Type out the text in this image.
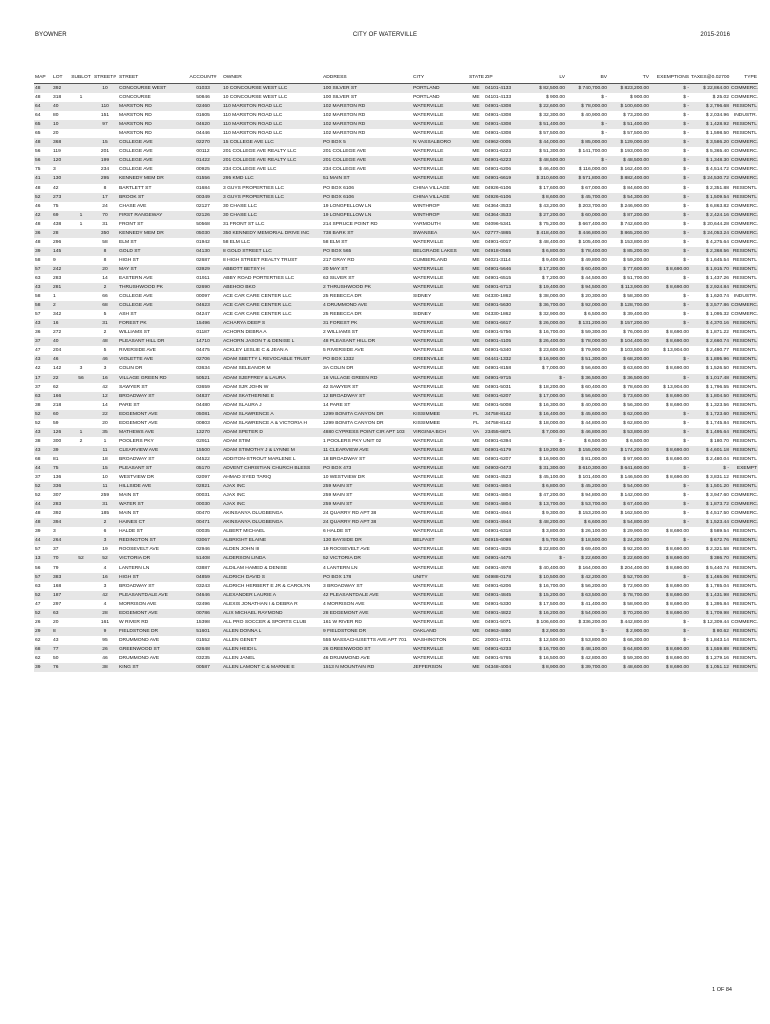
BYOWNER	CITY OF WATERVILLE	2015-2016
MAP	LOT	SUBLOT	STREET#	STREET	ACCOUNT#	OWNER	ADDRESS	CITY	STATE	ZIP	LV	BV	TV	EXEMPTIONS	TAXES@0.02700	TYPE
48	392		10	CONCOURSE WEST	01033	10 CONCOURSE WEST LLC	100 SILVER ST	PORTLAND	ME	04101-4133	$ 82,500.00	$ 740,700.00	$ 823,200.00	$ -	$ 22,864.00	COMMERC.
48	318	1		CONCOURSE	50846	10 CONCOURSE WEST LLC	100 SILVER ST	PORTLAND	ME	04101-4133	$ 900.00	$ -	$ 900.00	$ -	$ 25.02	COMMERC.
64	40		110	MARSTON RD	02460	110 MARSTON ROAD LLC	102 MARSTON RD	WATERVILLE	ME	04901-4308	$ 22,600.00	$ 78,000.00	$ 100,600.00	$ -	$ 2,796.68	RESIDNTL
64	80		151	MARSTON RD	01605	110 MARSTON ROAD LLC	102 MARSTON RD	WATERVILLE	ME	04901-4308	$ 32,300.00	$ 40,900.00	$ 73,200.00	$ -	$ 2,034.96	INDUSTR.
65	10		97	MARSTON RD	04620	110 MARSTON ROAD LLC	102 MARSTON RD	WATERVILLE	ME	04901-4308	$ 51,400.00	$ -	$ 51,400.00	$ -	$ 1,428.92	RESIDNTL
65	20			MARSTON RD	04446	110 MARSTON ROAD LLC	102 MARSTON RD	WATERVILLE	ME	04901-4308	$ 57,500.00	$ -	$ 57,500.00	$ -	$ 1,598.50	RESIDNTL
48	368		15	COLLEGE AVE	02270	15 COLLEGE AVE LLC	PO BOX 5	N VASSALBORO	ME	04962-0005	$ 44,000.00	$ 85,000.00	$ 129,000.00	$ -	$ 3,586.20	COMMERC.
56	119		201	COLLEGE AVE	00112	201 COLLEGE AVE REALTY LLC	201 COLLEGE AVE	WATERVILLE	ME	04901-6223	$ 51,300.00	$ 141,700.00	$ 193,000.00	$ -	$ 5,365.40	COMMERC.
56	120		199	COLLEGE AVE	01422	201 COLLEGE AVE REALTY LLC	201 COLLEGE AVE	WATERVILLE	ME	04901-6223	$ 48,500.00	$ -	$ 48,500.00	$ -	$ 1,348.30	COMMERC.
75	3		234	COLLEGE AVE	00925	234 COLLEGE AVE LLC	234 COLLEGE AVE	WATERVILLE	ME	04901-6206	$ 46,400.00	$ 116,000.00	$ 162,400.00	$ -	$ 4,514.72	COMMERC.
41	130		295	KENNEDY MEM DR	01556	295 KMD LLC	51 MAIN ST	WATERVILLE	ME	04901-6619	$ 310,600.00	$ 571,800.00	$ 882,400.00	$ -	$ 24,530.72	COMMERC.
48	42		8	BARTLETT ST	01684	3 GUYS PROPERTIES LLC	PO BOX 6106	CHINA VILLAGE	ME	04926-6106	$ 17,600.00	$ 67,000.00	$ 84,600.00	$ -	$ 2,351.88	RESIDNTL
52	273		17	BROOK ST	00349	3 GUYS PROPERTIES LLC	PO BOX 6106	CHINA VILLAGE	ME	04926-6106	$ 8,600.00	$ 45,700.00	$ 54,300.00	$ -	$ 1,509.54	RESIDNTL
46	75		24	CHASE AVE	02127	30 CHASE LLC	19 LONGFELLOW LN	WINTHROP	ME	04364-3533	$ 43,200.00	$ 203,700.00	$ 246,900.00	$ -	$ 6,863.82	COMMERC.
42	69	1	70	FIRST RANGEWAY	02126	30 CHASE LLC	19 LONGFELLOW LN	WINTHROP	ME	04364-3533	$ 27,200.00	$ 60,000.00	$ 87,200.00	$ -	$ 2,424.16	COMMERC.
48	438	1	31	FRONT ST	50568	31 FRONT ST LLC	214 SPRUCE POINT RD	YARMOUTH	ME	04096-5341	$ 75,200.00	$ 667,400.00	$ 742,600.00	$ -	$ 20,644.28	COMMERC.
36	28		350	KENNEDY MEM DR	05030	350 KENNEDY MEMORIAL DRIVE INC	738 BARK ST	SWANSEA	MA	02777-4865	$ 418,400.00	$ 446,800.00	$ 865,200.00	$ -	$ 24,053.24	COMMERC.
48	296		58	ELM ST	01942	58 ELM LLC	58 ELM ST	WATERVILLE	ME	04901-6017	$ 48,400.00	$ 105,400.00	$ 153,800.00	$ -	$ 4,275.64	COMMERC.
39	145		8	GOLD ST	04130	8 GOLD STREET LLC	PO BOX 565	BELGRADE LAKES	ME	04918-0565	$ 6,800.00	$ 78,400.00	$ 85,200.00	$ -	$ 2,368.56	RESIDNTL
58	9		8	HIGH ST	02687	8 HIGH STREET REALTY TRUST	217 GRAY RD	CUMBERLAND	ME	04021-3114	$ 9,400.00	$ 49,800.00	$ 59,200.00	$ -	$ 1,645.54	RESIDNTL
57	242		20	MAY ST	03929	ABBOTT BETSY H	20 MAY ST	WATERVILLE	ME	04901-5646	$ 17,200.00	$ 60,400.00	$ 77,600.00	$ 8,690.00	$ 1,915.70	RESIDNTL
63	283		14	EASTERN AVE	01911	ABBY ROAD PORTERTIES LLC	63 SILVER ST	WATERVILLE	ME	04901-6515	$ 7,200.00	$ 44,500.00	$ 51,700.00	$ -	$ 1,437.26	RESIDNTL
43	281		2	THRUSHWOOD PK	02690	ABEHOO BKO	2 THRUSHWOOD PK	WATERVILLE	ME	04901-6713	$ 19,400.00	$ 94,500.00	$ 113,900.00	$ 8,690.00	$ 2,924.84	RESIDNTL
58	1		66	COLLEGE AVE	00097	ACE CAR CARE CENTER LLC	25 REBECCA DR	SIDNEY	ME	04330-1862	$ 38,000.00	$ 20,300.00	$ 58,300.00	$ -	$ 1,620.74	INDUSTR.
58	2		68	COLLEGE AVE	04623	ACE CAR CARE CENTER LLC	4 DRUMMOND AVE	WATERVILLE	ME	04901-5630	$ 36,700.00	$ 92,000.00	$ 128,700.00	$ -	$ 3,577.86	COMMERC.
57	342		5	ASH ST	04247	ACE CAR CARE CENTER LLC	25 REBECCA DR	SIDNEY	ME	04330-1862	$ 32,900.00	$ 6,500.00	$ 39,400.00	$ -	$ 1,095.32	COMMERC.
43	16		31	FOREST PK	15496	ACHARYA DEEP S	31 FOREST PK	WATERVILLE	ME	04901-6617	$ 26,000.00	$ 131,200.00	$ 157,200.00	$ -	$ 4,370.16	RESIDNTL
36	272		2	WILLIAMS ST	01187	ACHORN DEBRA A	2 WILLIAMS ST	WATERVILLE	ME	04901-5756	$ 16,700.00	$ 59,300.00	$ 76,000.00	$ 8,690.00	$ 1,871.22	RESIDNTL
37	40		48	PLEASANT HILL DR	14710	ACHORN JASON T & DENISE L	48 PLEASANT HILL DR	WATERVILLE	ME	04901-4105	$ 26,400.00	$ 78,000.00	$ 104,400.00	$ 8,690.00	$ 2,660.74	RESIDNTL
47	204		5	RIVERSIDE AVE	04475	ACKLEY LESLIE C & JEAN A	5 RIVERSIDE AVE	WATERVILLE	ME	04901-5340	$ 23,600.00	$ 79,900.00	$ 103,500.00	$ 13,904.00	$ 2,490.77	RESIDNTL
43	46		46	VIOLETTE AVE	02706	ADAM SBETTY L REVOCABLE TRUST	PO BOX 1332	GREENVILLE	ME	04441-1332	$ 16,900.00	$ 51,300.00	$ 68,200.00	$ -	$ 1,895.96	RESIDNTL
42	142	3	3	COLIN DR	03634	ADAM SELEANOR M	3A COLIN DR	WATERVILLE	ME	04901-8158	$ 7,000.00	$ 56,600.00	$ 63,600.00	$ 8,690.00	$ 1,526.50	RESIDNTL
17	22	56	16	VILLAGE GREEN RD	50521	ADAM SJEFFREY & LAURA	16 VILLAGE GREEN RD	WATERVILLE	ME	04901-9715	$ -	$ 36,500.00	$ 36,500.00	$ -	$ 1,017.48	RESIDNTL
37	62		42	SAWYER ST	03659	ADAM SJR JOHN W	42 SAWYER ST	WATERVILLE	ME	04901-5031	$ 18,200.00	$ 60,400.00	$ 78,600.00	$ 13,904.00	$ 1,796.55	RESIDNTL
63	166		12	BROADWAY ST	04837	ADAM SKATHERINE E	12 BROADWAY ST	WATERVILLE	ME	04901-6207	$ 17,000.00	$ 56,600.00	$ 73,600.00	$ 8,690.00	$ 1,804.50	RESIDNTL
38	218		14	PARE ST	04480	ADAM SLAURA J	14 PARE ST	WATERVILLE	ME	04901-5008	$ 16,300.00	$ 40,000.00	$ 56,300.00	$ 8,690.00	$ 1,323.56	RESIDNTL
52	60		22	EDGEMONT AVE	05081	ADAM SLAWRENCE A	1299 BONITA CANYON DR	KISSIMMEE	FL	34758-8142	$ 16,400.00	$ 45,600.00	$ 62,000.00	$ -	$ 1,723.60	RESIDNTL
52	59		20	EDGEMONT AVE	00803	ADAM SLAWRENCE A & VICTORIA H	1299 BONITA CANYON DR	KISSIMMEE	FL	34758-8142	$ 18,000.00	$ 44,800.00	$ 62,800.00	$ -	$ 1,745.84	RESIDNTL
43	126	1	35	MATHEWS AVE	13270	ADAM SPETER D	4880 CYPRESS POINT CIR APT 103	VIRGINIA BCH	VA	23455-6871	$ 7,000.00	$ 46,800.00	$ 53,800.00	$ -	$ 1,495.64	RESIDNTL
38	300	2	1	POOLERS PKY	02911	ADAM STIM	1 POOLERS PKY UNIT 02	WATERVILLE	ME	04901-6394	$ -	$ 6,500.00	$ 6,500.00	$ -	$ 180.70	RESIDNTL
43	39		11	CLEARVIEW AVE	15500	ADAM STIMOTHY J & LYNNE M	11 CLEARVIEW AVE	WATERVILLE	ME	04901-6179	$ 19,200.00	$ 155,000.00	$ 174,200.00	$ 8,690.00	$ 4,601.18	RESIDNTL
68	81		18	BROADWAY ST	04522	ADDITON-STROUT MARLENE L	18 BROADWAY ST	WATERVILLE	ME	04901-6207	$ 16,900.00	$ 81,000.00	$ 97,900.00	$ 8,690.00	$ 2,480.04	RESIDNTL
44	75		15	PLEASANT ST	05170	ADVENT CHRISTIAN CHURCH BLESS	PO BOX 473	WATERVILLE	ME	04903-0473	$ 31,300.00	$ 610,300.00	$ 641,600.00	$ -	$ -	EXEMPT
37	136		10	WESTVIEW DR	02097	AHMAD SYED TARIQ	10 WESTVIEW DR	WATERVILLE	ME	04901-4523	$ 45,100.00	$ 101,400.00	$ 146,500.00	$ 8,690.00	$ 3,831.12	RESIDNTL
52	336		11	HILLSIDE AVE	02821	AJAX INC	259 MAIN ST	WATERVILLE	ME	04901-4804	$ 6,800.00	$ 45,200.00	$ 54,000.00	$ -	$ 1,501.20	RESIDNTL
52	307		259	MAIN ST	00031	AJAX INC	259 MAIN ST	WATERVILLE	ME	04901-4804	$ 47,200.00	$ 94,800.00	$ 142,000.00	$ -	$ 3,947.60	COMMERC.
44	283		31	WATER ST	00030	AJAX INC	259 MAIN ST	WATERVILLE	ME	04901-4804	$ 13,700.00	$ 53,700.00	$ 67,400.00	$ -	$ 1,873.72	COMMERC.
48	392		185	MAIN ST	00470	AKINSANYA OLUGBENGA	24 QUARRY RD APT 38	WATERVILLE	ME	04901-4944	$ 9,300.00	$ 153,200.00	$ 162,500.00	$ -	$ 4,517.50	COMMERC.
48	394		2	HAINES CT	00471	AKINSANYA OLUGBENGA	24 QUARRY RD APT 38	WATERVILLE	ME	04901-4944	$ 48,200.00	$ 6,600.00	$ 54,800.00	$ -	$ 1,523.44	COMMERC.
39	3		6	HALDE ST	00035	ALBERT MICHAEL	6 HALDE ST	WATERVILLE	ME	04901-6318	$ 3,800.00	$ 26,100.00	$ 29,900.00	$ 8,690.00	$ 589.54	RESIDNTL
44	264		3	REDINGTON ST	03067	ALBRIGHT ELAINE	130 BAYSIDE DR	BELFAST	ME	04915-6098	$ 5,700.00	$ 18,500.00	$ 24,200.00	$ -	$ 672.76	RESIDNTL
57	37		19	ROOSEVELT AVE	02946	ALDEN JOHN III	19 ROOSEVELT AVE	WATERVILLE	ME	04901-4825	$ 22,800.00	$ 69,400.00	$ 92,200.00	$ 8,690.00	$ 2,321.58	RESIDNTL
13	70	52	52	VICTORIA DR	51408	ALDERSON LINDA	52 VICTORIA DR	WATERVILLE	ME	04901-4475	$ -	$ 22,600.00	$ 22,600.00	$ 8,690.00	$ 386.70	RESIDNTL
56	79		4	LANTERN LN	03887	ALDILAM HAMED & DENISE	4 LANTERN LN	WATERVILLE	ME	04901-4978	$ 40,400.00	$ 164,000.00	$ 204,400.00	$ 8,690.00	$ 5,440.74	RESIDNTL
57	383		16	HIGH ST	04859	ALDRICH DAVID S	PO BOX 178	UNITY	ME	04988-0178	$ 10,500.00	$ 42,200.00	$ 52,700.00	$ -	$ 1,465.06	RESIDNTL
63	168		3	BROADWAY ST	03243	ALDRICH HERBERT E JR & CAROLYN	3 BROADWAY ST	WATERVILLE	ME	04901-6206	$ 16,700.00	$ 56,200.00	$ 72,900.00	$ 8,690.00	$ 1,785.04	RESIDNTL
52	187		42	PLEASANTDALE AVE	04646	ALEXANDER LAURIE A	42 PLEASANTDALE AVE	WATERVILLE	ME	04901-4845	$ 15,200.00	$ 63,500.00	$ 78,700.00	$ 8,690.00	$ 1,431.98	RESIDNTL
47	297		4	MORRISON AVE	02496	ALEXIS JONATHAN I & DEBRA R	4 MORRISON AVE	WATERVILLE	ME	04901-5330	$ 17,500.00	$ 41,400.00	$ 58,900.00	$ 8,690.00	$ 1,395.84	RESIDNTL
52	63		28	EDGEMONT AVE	00786	ALIX MICHAEL RAYMOND	28 EDGEMONT AVE	WATERVILLE	ME	04901-4822	$ 16,200.00	$ 54,000.00	$ 70,200.00	$ 8,690.00	$ 1,709.98	RESIDNTL
26	20		161	W RIVER RD	15398	ALL PRO SOCCER & SPORTS CLUB	161 W RIVER RD	WATERVILLE	ME	04901-5071	$ 106,600.00	$ 336,200.00	$ 442,800.00	$ -	$ 12,309.44	COMMERC.
29	8		9	FIELDSTONE DR	51601	ALLEN DONNA L	9 FIELDSTONE DR	OAKLAND	ME	04963-4880	$ 2,900.00	$ -	$ 2,900.00	$ -	$ 80.62	RESIDNTL
62	43		95	DRUMMOND AVE	01552	ALLEN GENET	555 MASSACHUSETTS AVE APT 701	WASHINGTON	DC	20001-4721	$ 12,500.00	$ 53,800.00	$ 66,300.00	$ -	$ 1,843.14	RESIDNTL
68	77		26	GREENWOOD ST	02648	ALLEN HEIDI L	26 GREENWOOD ST	WATERVILLE	ME	04901-6233	$ 16,700.00	$ 48,100.00	$ 64,800.00	$ 8,690.00	$ 1,559.88	RESIDNTL
62	50		46	DRUMMOND AVE	03235	ALLEN JANEL	46 DRUMMOND AVE	WATERVILLE	ME	04901-5765	$ 16,500.00	$ 42,800.00	$ 59,300.00	$ 8,690.00	$ 1,279.16	RESIDNTL
39	76		38	KING ST	00587	ALLEN LAMONT C & MARNIE E	1513 N MOUNTAIN RD	JEFFERSON	ME	04348-4004	$ 8,900.00	$ 39,700.00	$ 48,600.00	$ 8,690.00	$ 1,051.12	RESIDNTL
1 OF 84
